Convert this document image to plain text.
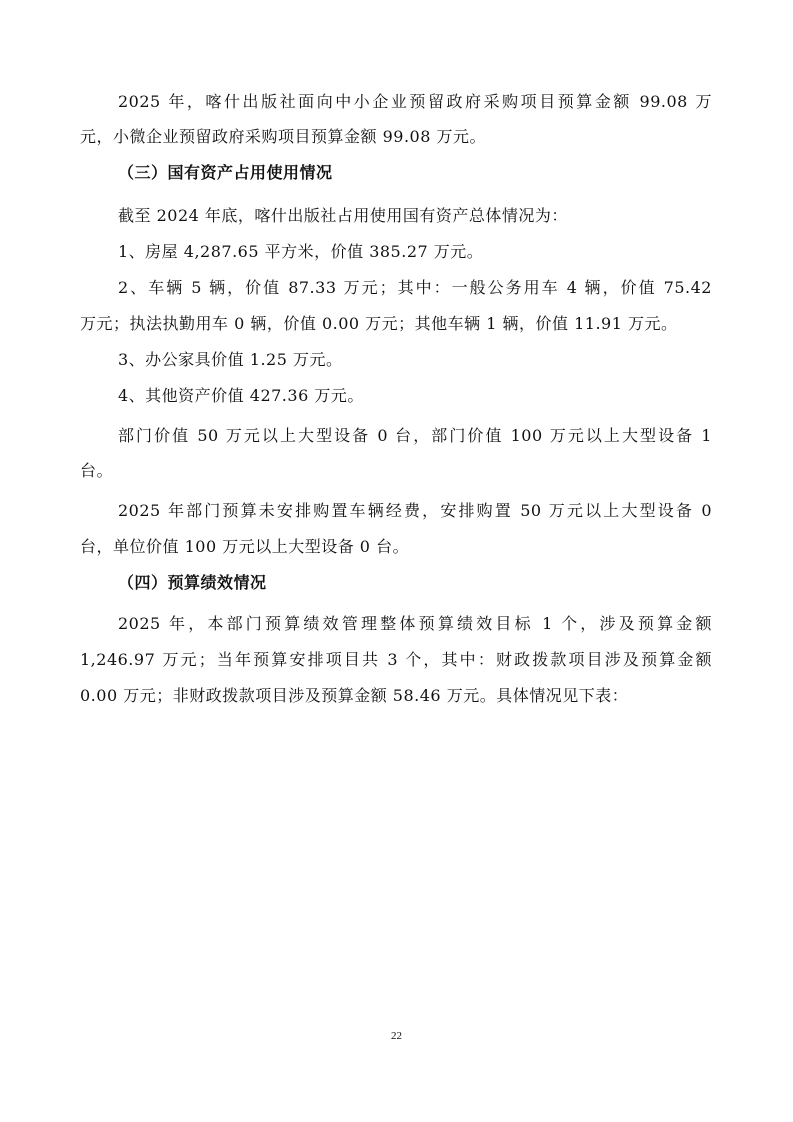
2025 年，喀什出版社面向中小企业预留政府采购项目预算金额 99.08 万
元，小微企业预留政府采购项目预算金额 99.08 万元。
（三）国有资产占用使用情况
截至 2024 年底，喀什出版社占用使用国有资产总体情况为：
1、房屋 4,287.65 平方米，价值 385.27 万元。
2、车辆 5 辆，价值 87.33 万元；其中：一般公务用车 4 辆，价值 75.42
万元；执法执勤用车 0 辆，价值 0.00 万元；其他车辆 1 辆，价值 11.91 万元。
3、办公家具价值 1.25 万元。
4、其他资产价值 427.36 万元。
部门价值 50 万元以上大型设备 0 台，部门价值 100 万元以上大型设备 1
台。
2025 年部门预算未安排购置车辆经费，安排购置 50 万元以上大型设备 0
台，单位价值 100 万元以上大型设备 0 台。
（四）预算绩效情况
2025 年，本部门预算绩效管理整体预算绩效目标 1 个，涉及预算金额
1,246.97 万元；当年预算安排项目共 3 个，其中：财政拨款项目涉及预算金额
0.00 万元；非财政拨款项目涉及预算金额 58.46 万元。具体情况见下表：
22
